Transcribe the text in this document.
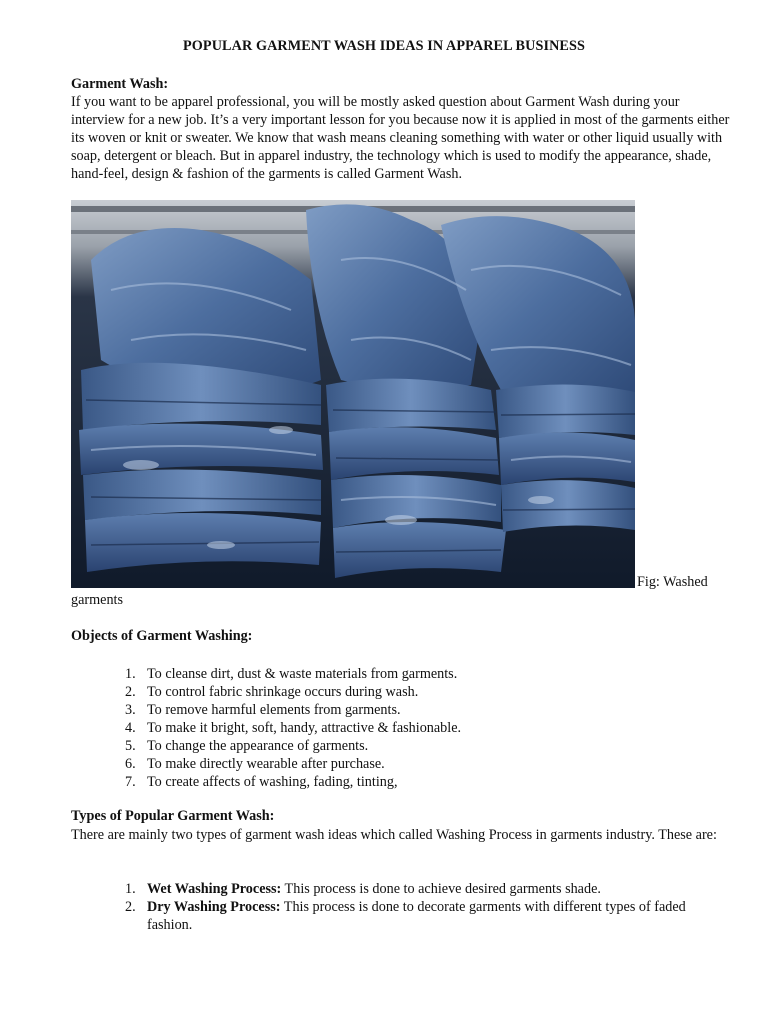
POPULAR GARMENT WASH IDEAS IN APPAREL BUSINESS
Garment Wash:
If you want to be apparel professional, you will be mostly asked question about Garment Wash during your interview for a new job. It’s a very important lesson for you because now it is applied in most of the garments either its woven or knit or sweater. We know that wash means cleaning something with water or other liquid usually with soap, detergent or bleach. But in apparel industry, the technology which is used to modify the appearance, shade, hand-feel, design & fashion of the garments is called Garment Wash.
Fig: Washed
garments
Objects of Garment Washing:
1. To cleanse dirt, dust & waste materials from garments.
2. To control fabric shrinkage occurs during wash.
3. To remove harmful elements from garments.
4. To make it bright, soft, handy, attractive & fashionable.
5. To change the appearance of garments.
6. To make directly wearable after purchase.
7. To create affects of washing, fading, tinting,
Types of Popular Garment Wash:
There are mainly two types of garment wash ideas which called Washing Process in garments industry. These are:
1. Wet Washing Process: This process is done to achieve desired garments shade.
2. Dry Washing Process: This process is done to decorate garments with different types of faded fashion.
